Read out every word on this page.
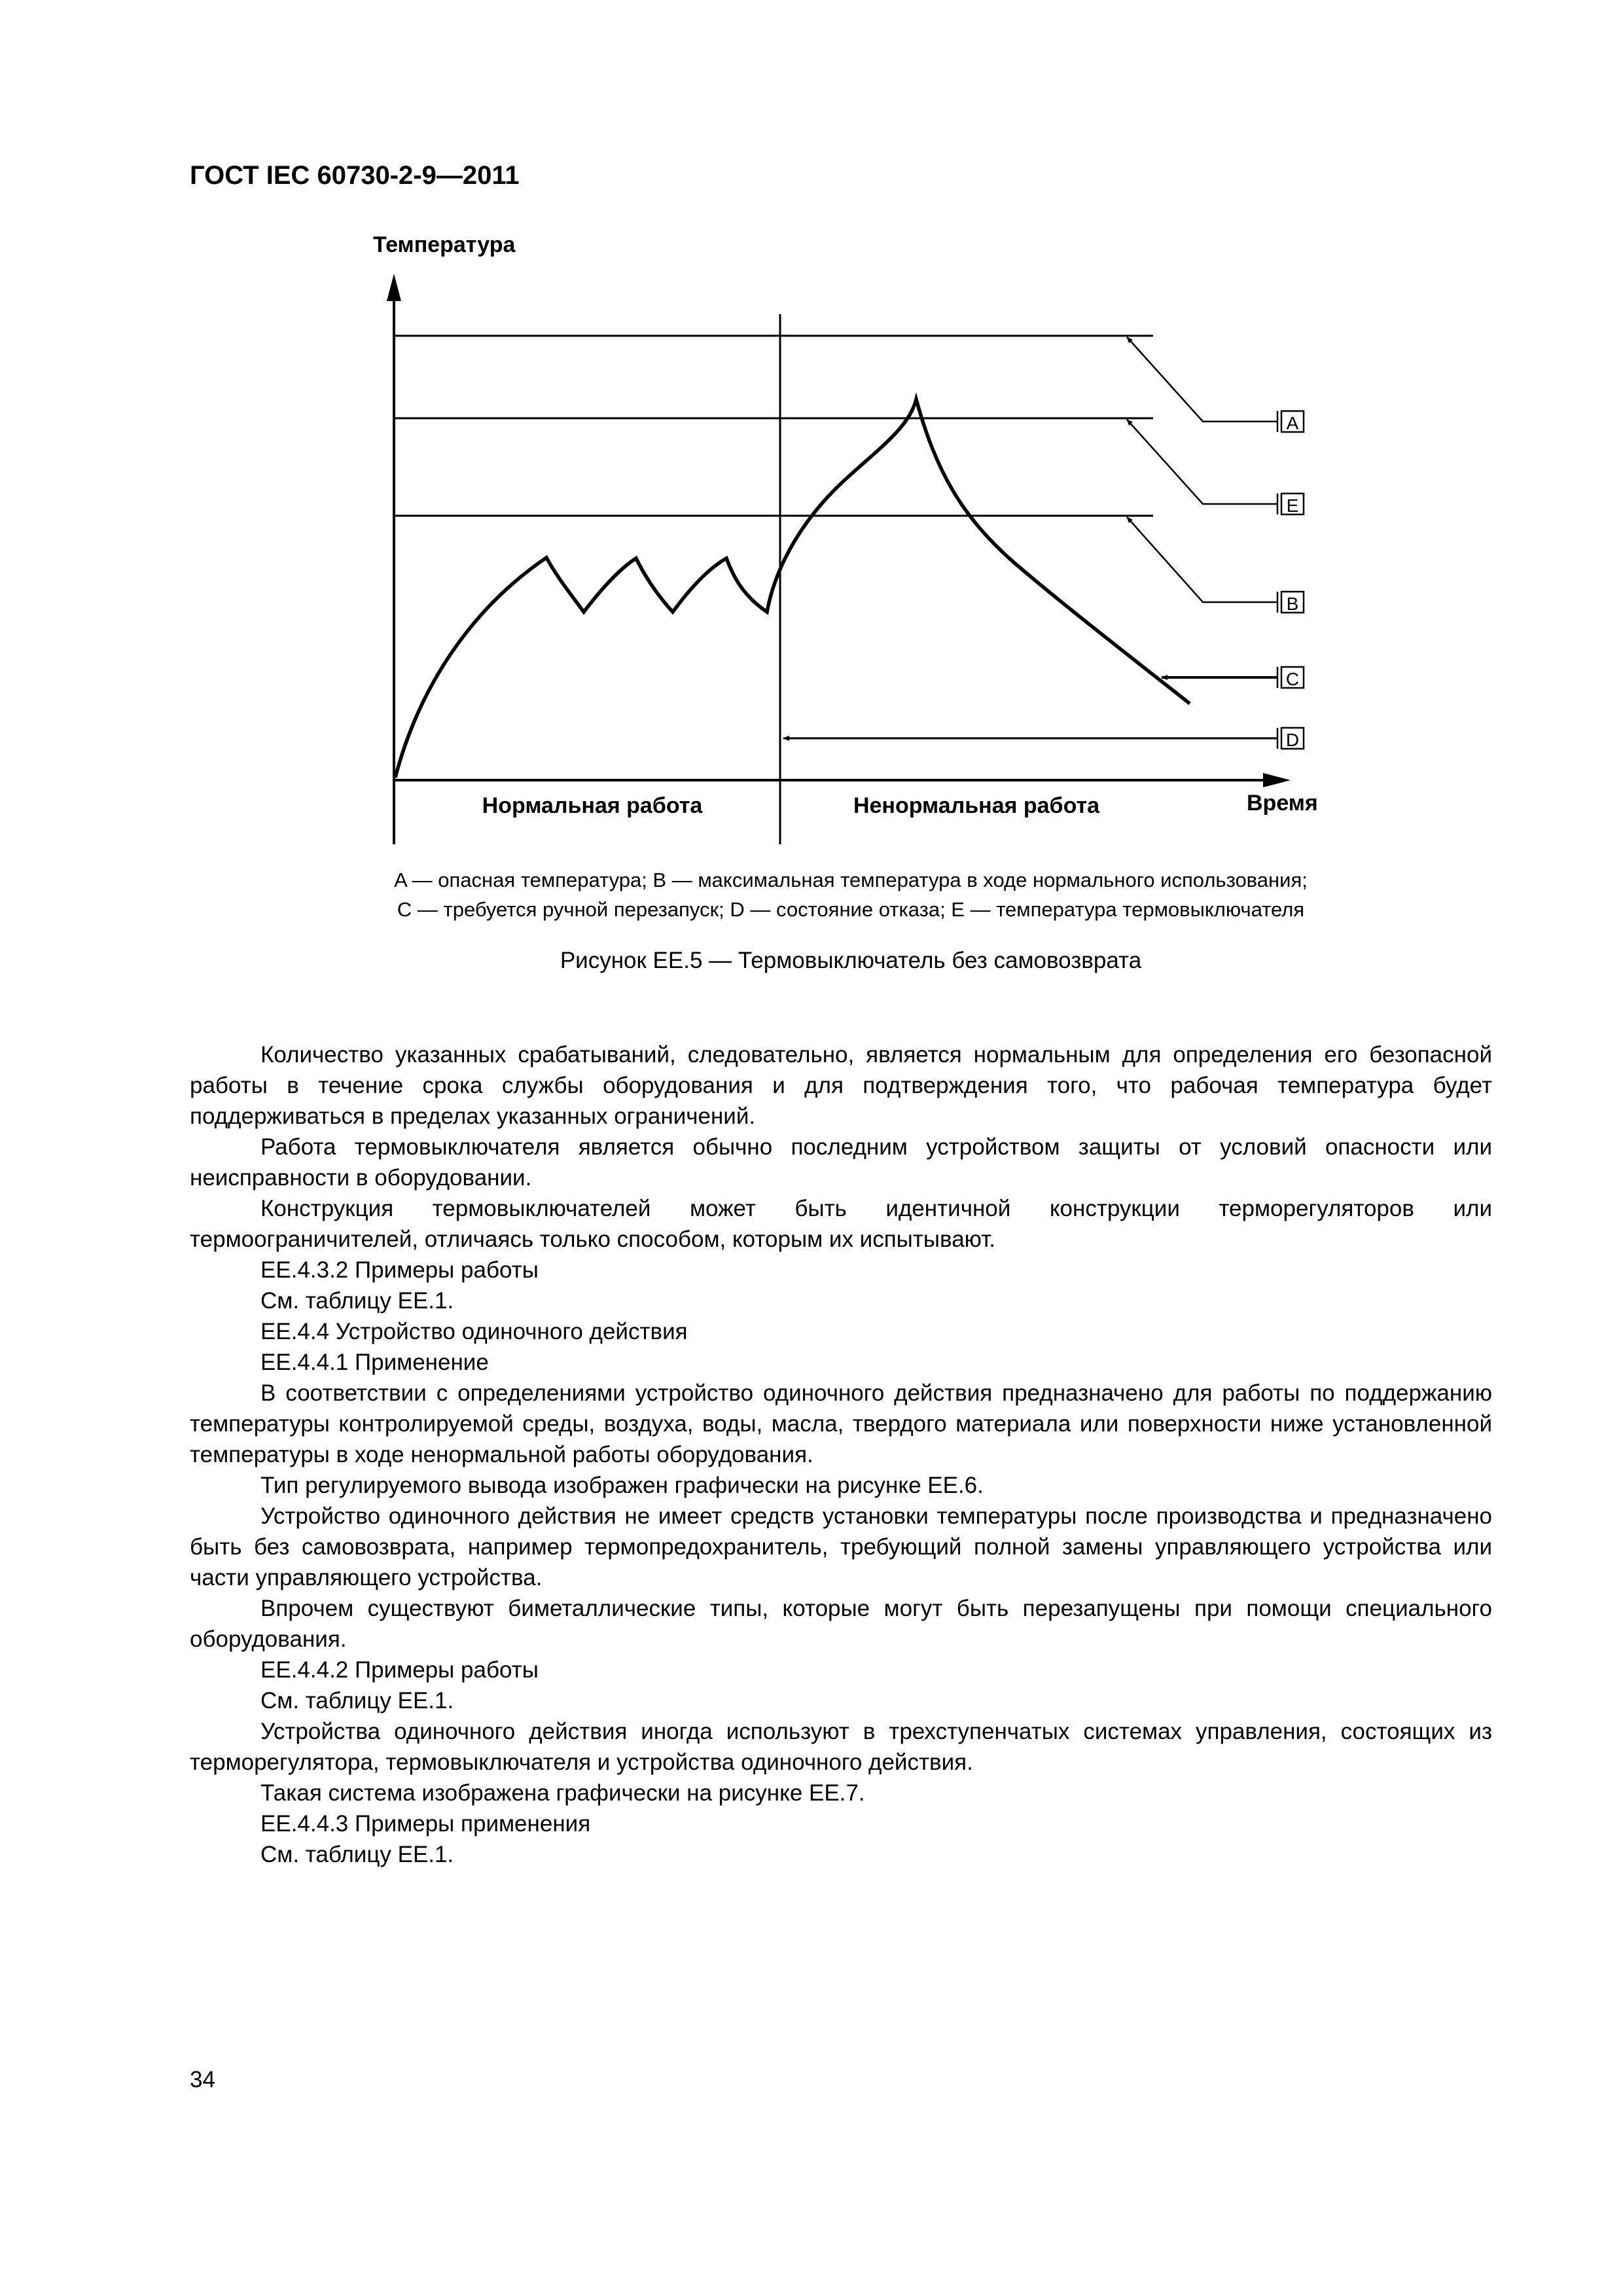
ГОСТ IEC 60730-2-9—2011
Температура
Время
Нормальная работа	Ненормальная работа
A
E
B
C
D
A — опасная температура; B — максимальная температура в ходе нормального использования;
C — требуется ручной перезапуск; D — состояние отказа; E — температура термовыключателя
Рисунок EE.5 — Термовыключатель без самовозврата

Количество указанных срабатываний, следовательно, является нормальным для определения его безопасной работы в течение срока службы оборудования и для подтверждения того, что рабочая температура будет поддерживаться в пределах указанных ограничений.

Работа термовыключателя является обычно последним устройством защиты от условий опасности или неисправности в оборудовании.

Конструкция термовыключателей может быть идентичной конструкции терморегуляторов или термоограничителей, отличаясь только способом, которым их испытывают.

EE.4.3.2 Примеры работы

См. таблицу EE.1.

EE.4.4 Устройство одиночного действия

EE.4.4.1 Применение

В соответствии с определениями устройство одиночного действия предназначено для работы по поддержанию температуры контролируемой среды, воздуха, воды, масла, твердого материала или поверхности ниже установленной температуры в ходе ненормальной работы оборудования.

Тип регулируемого вывода изображен графически на рисунке EE.6.

Устройство одиночного действия не имеет средств установки температуры после производства и предназначено быть без самовозврата, например термопредохранитель, требующий полной замены управляющего устройства или части управляющего устройства.

Впрочем существуют биметаллические типы, которые могут быть перезапущены при помощи специального оборудования.

EE.4.4.2 Примеры работы

См. таблицу EE.1.

Устройства одиночного действия иногда используют в трехступенчатых системах управления, состоящих из терморегулятора, термовыключателя и устройства одиночного действия.

Такая система изображена графически на рисунке EE.7.

EE.4.4.3 Примеры применения

См. таблицу EE.1.

34
